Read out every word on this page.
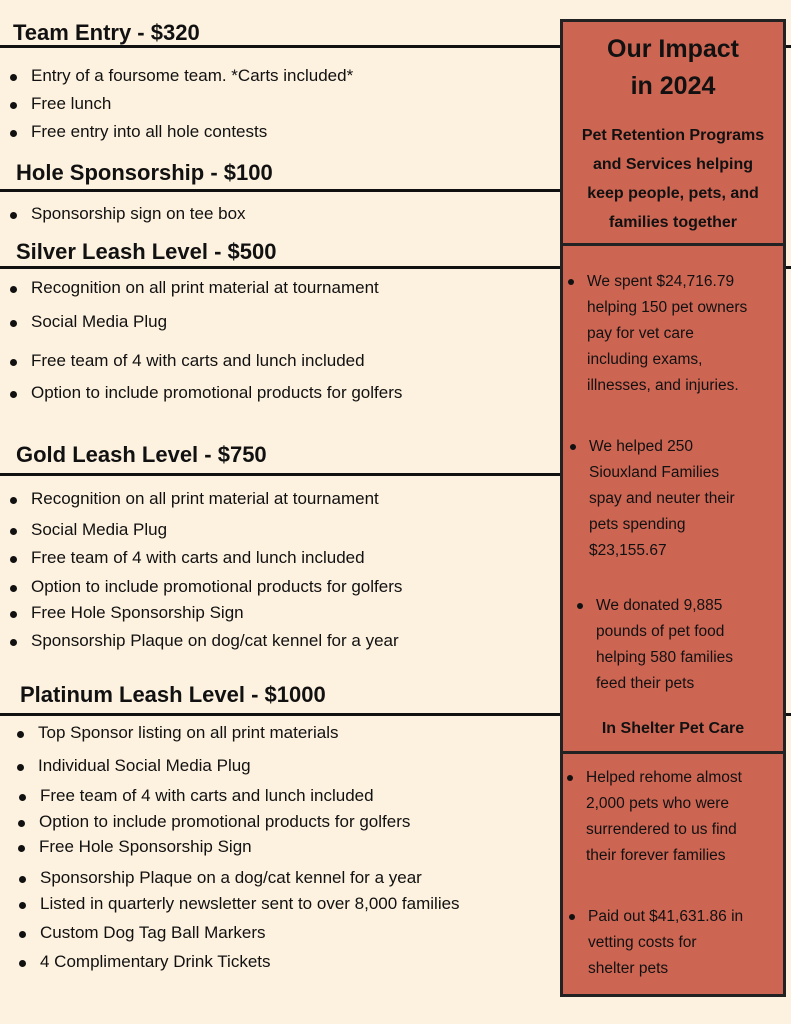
Team Entry - $320
Entry of a foursome team. *Carts included*
Free lunch
Free entry into all hole contests
Hole Sponsorship - $100
Sponsorship sign on tee box
Silver Leash Level - $500
Recognition on all print material at tournament
Social Media Plug
Free team of 4 with carts and lunch included
Option to include promotional products for golfers
Gold Leash Level - $750
Recognition on all print material at tournament
Social Media Plug
Free team of 4 with carts and lunch included
Option to include promotional products for golfers
Free Hole Sponsorship Sign
Sponsorship Plaque on dog/cat kennel for a year
Platinum Leash Level - $1000
Top Sponsor listing on all print materials
Individual Social Media Plug
Free team of 4 with carts and lunch included
Option to include promotional products for golfers
Free Hole Sponsorship Sign
Sponsorship Plaque on a dog/cat kennel for a year
Listed in quarterly newsletter sent to over 8,000 families
Custom Dog Tag Ball Markers
4 Complimentary Drink Tickets
Our Impact
in 2024
Pet Retention Programs
and Services helping
keep people, pets, and
families together
We spent $24,716.79
helping 150 pet owners
pay for vet care
including exams,
illnesses, and injuries.
We helped 250
Siouxland Families
spay and neuter their
pets spending
$23,155.67
We donated 9,885
pounds of pet food
helping 580 families
feed their pets
In Shelter Pet Care
Helped rehome almost
2,000 pets who were
surrendered to us find
their forever families
Paid out $41,631.86 in
vetting costs for
shelter pets
